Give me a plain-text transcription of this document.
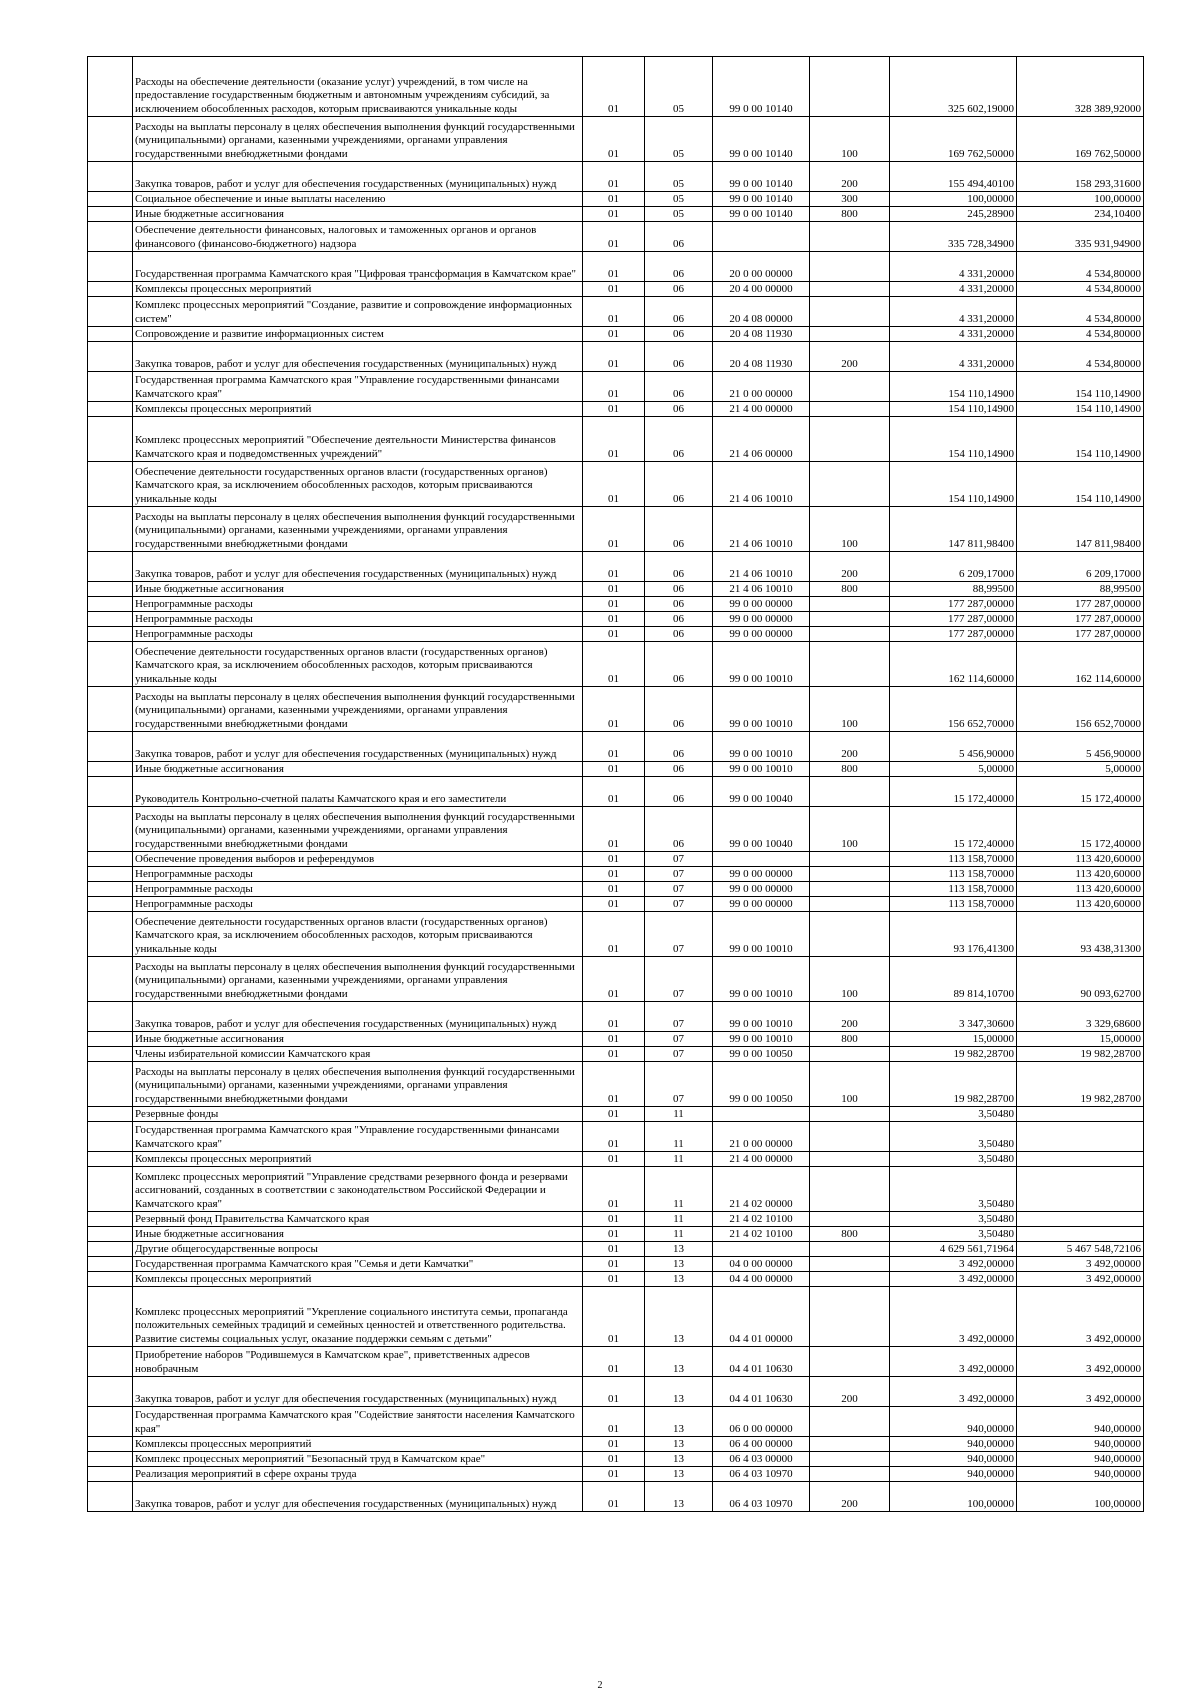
	Расходы на обеспечение деятельности (оказание услуг) учреждений, в том числе на предоставление государственным бюджетным и автономным учреждениям субсидий, за исключением обособленных расходов, которым присваиваются уникальные коды	01	05	99 0 00 10140		325 602,19000	328 389,92000
	Расходы на выплаты персоналу в целях обеспечения выполнения функций государственными (муниципальными) органами, казенными учреждениями, органами управления государственными внебюджетными фондами	01	05	99 0 00 10140	100	169 762,50000	169 762,50000
	Закупка товаров, работ и услуг для обеспечения государственных (муниципальных) нужд	01	05	99 0 00 10140	200	155 494,40100	158 293,31600
	Социальное обеспечение и иные выплаты населению	01	05	99 0 00 10140	300	100,00000	100,00000
	Иные бюджетные ассигнования	01	05	99 0 00 10140	800	245,28900	234,10400
	Обеспечение деятельности финансовых, налоговых и таможенных органов и органов финансового (финансово-бюджетного) надзора	01	06			335 728,34900	335 931,94900
	Государственная программа Камчатского края "Цифровая трансформация в Камчатском крае"	01	06	20 0 00 00000		4 331,20000	4 534,80000
	Комплексы процессных мероприятий	01	06	20 4 00 00000		4 331,20000	4 534,80000
	Комплекс процессных мероприятий "Создание, развитие и сопровождение информационных систем"	01	06	20 4 08 00000		4 331,20000	4 534,80000
	Сопровождение и развитие информационных систем	01	06	20 4 08 11930		4 331,20000	4 534,80000
	Закупка товаров, работ и услуг для обеспечения государственных (муниципальных) нужд	01	06	20 4 08 11930	200	4 331,20000	4 534,80000
	Государственная программа Камчатского края "Управление государственными финансами Камчатского края"	01	06	21 0 00 00000		154 110,14900	154 110,14900
	Комплексы процессных мероприятий	01	06	21 4 00 00000		154 110,14900	154 110,14900
	Комплекс процессных мероприятий "Обеспечение деятельности Министерства финансов Камчатского края и подведомственных учреждений"	01	06	21 4 06 00000		154 110,14900	154 110,14900
	Обеспечение деятельности государственных органов власти (государственных органов) Камчатского края, за исключением обособленных расходов, которым присваиваются уникальные коды	01	06	21 4 06 10010		154 110,14900	154 110,14900
	Расходы на выплаты персоналу в целях обеспечения выполнения функций государственными (муниципальными) органами, казенными учреждениями, органами управления государственными внебюджетными фондами	01	06	21 4 06 10010	100	147 811,98400	147 811,98400
	Закупка товаров, работ и услуг для обеспечения государственных (муниципальных) нужд	01	06	21 4 06 10010	200	6 209,17000	6 209,17000
	Иные бюджетные ассигнования	01	06	21 4 06 10010	800	88,99500	88,99500
	Непрограммные расходы	01	06	99 0 00 00000		177 287,00000	177 287,00000
	Непрограммные расходы	01	06	99 0 00 00000		177 287,00000	177 287,00000
	Непрограммные расходы	01	06	99 0 00 00000		177 287,00000	177 287,00000
	Обеспечение деятельности государственных органов власти (государственных органов) Камчатского края, за исключением обособленных расходов, которым присваиваются уникальные коды	01	06	99 0 00 10010		162 114,60000	162 114,60000
	Расходы на выплаты персоналу в целях обеспечения выполнения функций государственными (муниципальными) органами, казенными учреждениями, органами управления государственными внебюджетными фондами	01	06	99 0 00 10010	100	156 652,70000	156 652,70000
	Закупка товаров, работ и услуг для обеспечения государственных (муниципальных) нужд	01	06	99 0 00 10010	200	5 456,90000	5 456,90000
	Иные бюджетные ассигнования	01	06	99 0 00 10010	800	5,00000	5,00000
	Руководитель Контрольно-счетной палаты Камчатского края и его заместители	01	06	99 0 00 10040		15 172,40000	15 172,40000
	Расходы на выплаты персоналу в целях обеспечения выполнения функций государственными (муниципальными) органами, казенными учреждениями, органами управления государственными внебюджетными фондами	01	06	99 0 00 10040	100	15 172,40000	15 172,40000
	Обеспечение проведения выборов и референдумов	01	07			113 158,70000	113 420,60000
	Непрограммные расходы	01	07	99 0 00 00000		113 158,70000	113 420,60000
	Непрограммные расходы	01	07	99 0 00 00000		113 158,70000	113 420,60000
	Непрограммные расходы	01	07	99 0 00 00000		113 158,70000	113 420,60000
	Обеспечение деятельности государственных органов власти (государственных органов) Камчатского края, за исключением обособленных расходов, которым присваиваются уникальные коды	01	07	99 0 00 10010		93 176,41300	93 438,31300
	Расходы на выплаты персоналу в целях обеспечения выполнения функций государственными (муниципальными) органами, казенными учреждениями, органами управления государственными внебюджетными фондами	01	07	99 0 00 10010	100	89 814,10700	90 093,62700
	Закупка товаров, работ и услуг для обеспечения государственных (муниципальных) нужд	01	07	99 0 00 10010	200	3 347,30600	3 329,68600
	Иные бюджетные ассигнования	01	07	99 0 00 10010	800	15,00000	15,00000
	Члены избирательной комиссии Камчатского края	01	07	99 0 00 10050		19 982,28700	19 982,28700
	Расходы на выплаты персоналу в целях обеспечения выполнения функций государственными (муниципальными) органами, казенными учреждениями, органами управления государственными внебюджетными фондами	01	07	99 0 00 10050	100	19 982,28700	19 982,28700
	Резервные фонды	01	11			3,50480	
	Государственная программа Камчатского края "Управление государственными финансами Камчатского края"	01	11	21 0 00 00000		3,50480	
	Комплексы процессных мероприятий	01	11	21 4 00 00000		3,50480	
	Комплекс процессных мероприятий "Управление средствами резервного фонда и резервами ассигнований, созданных в соответствии с законодательством Российской Федерации и Камчатского края"	01	11	21 4 02 00000		3,50480	
	Резервный фонд Правительства Камчатского края	01	11	21 4 02 10100		3,50480	
	Иные бюджетные ассигнования	01	11	21 4 02 10100	800	3,50480	
	Другие общегосударственные вопросы	01	13			4 629 561,71964	5 467 548,72106
	Государственная программа Камчатского края "Семья и дети Камчатки"	01	13	04 0 00 00000		3 492,00000	3 492,00000
	Комплексы процессных мероприятий	01	13	04 4 00 00000		3 492,00000	3 492,00000
	Комплекс процессных мероприятий "Укрепление социального института семьи, пропаганда положительных семейных традиций и семейных ценностей и ответственного родительства. Развитие системы социальных услуг, оказание поддержки семьям с детьми"	01	13	04 4 01 00000		3 492,00000	3 492,00000
	Приобретение наборов "Родившемуся в Камчатском крае", приветственных адресов новобрачным	01	13	04 4 01 10630		3 492,00000	3 492,00000
	Закупка товаров, работ и услуг для обеспечения государственных (муниципальных) нужд	01	13	04 4 01 10630	200	3 492,00000	3 492,00000
	Государственная программа Камчатского края "Содействие занятости населения Камчатского края"	01	13	06 0 00 00000		940,00000	940,00000
	Комплексы процессных мероприятий	01	13	06 4 00 00000		940,00000	940,00000
	Комплекс процессных мероприятий "Безопасный труд в Камчатском крае"	01	13	06 4 03 00000		940,00000	940,00000
	Реализация мероприятий в сфере охраны труда	01	13	06 4 03 10970		940,00000	940,00000
	Закупка товаров, работ и услуг для обеспечения государственных (муниципальных) нужд	01	13	06 4 03 10970	200	100,00000	100,00000
2
